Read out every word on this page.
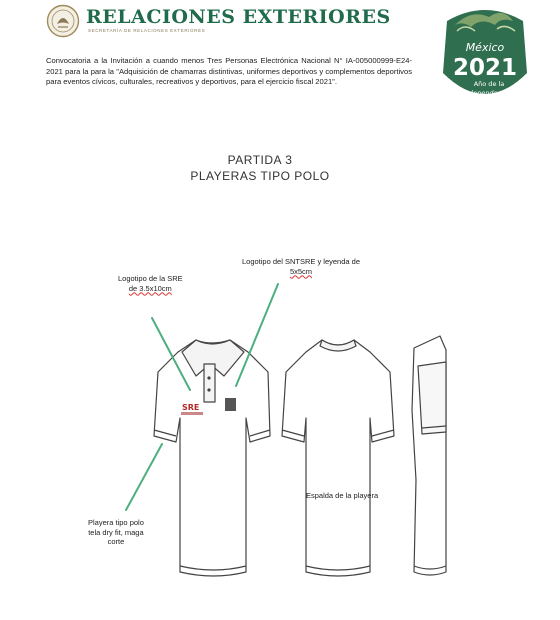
RELACIONES EXTERIORES
SECRETARÍA DE RELACIONES EXTERIORES
Convocatoria a la Invitación a cuando menos Tres Personas Electrónica Nacional N° IA-005000999-E24-2021 para la para la "Adquisición de chamarras distintivas, uniformes deportivos y complementos deportivos para eventos cívicos, culturales, recreativos y deportivos, para el ejercicio fiscal 2021".
México
2021
Año de la
Independencia
PARTIDA 3
PLAYERAS TIPO POLO
SRE
Logotipo de la SRE
de 3.5x10cm
Logotipo del SNTSRE y leyenda de
5x5cm
Playera tipo polo
tela dry fit, maga
corte
Espalda de la playera
